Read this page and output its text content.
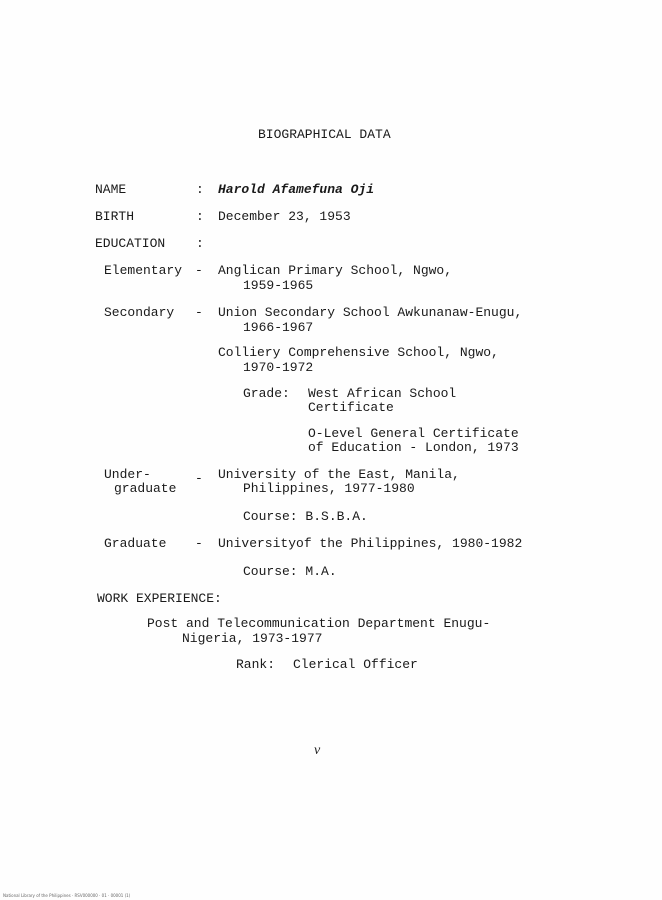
BIOGRAPHICAL DATA
NAME	: Harold Afamefuna Oji
BIRTH	: December 23, 1953
EDUCATION :
Elementary - Anglican Primary School, Ngwo,
1959-1965
Secondary - Union Secondary School Awkunanaw-Enugu,
1966-1967
Colliery Comprehensive School, Ngwo,
1970-1972
Grade: West African School
Certificate
O-Level General Certificate
of Education - London, 1973
Under-
graduate
- University of the East, Manila,
Philippines, 1977-1980
Course: B.S.B.A.
Graduate - Universityof the Philippines, 1980-1982
Course: M.A.
WORK EXPERIENCE:
Post and Telecommunication Department Enugu-
Nigeria, 1973-1977
Rank: Clerical Officer
v
National Library of the Philippines · RSV000000 · 01 · 00001 (1)
